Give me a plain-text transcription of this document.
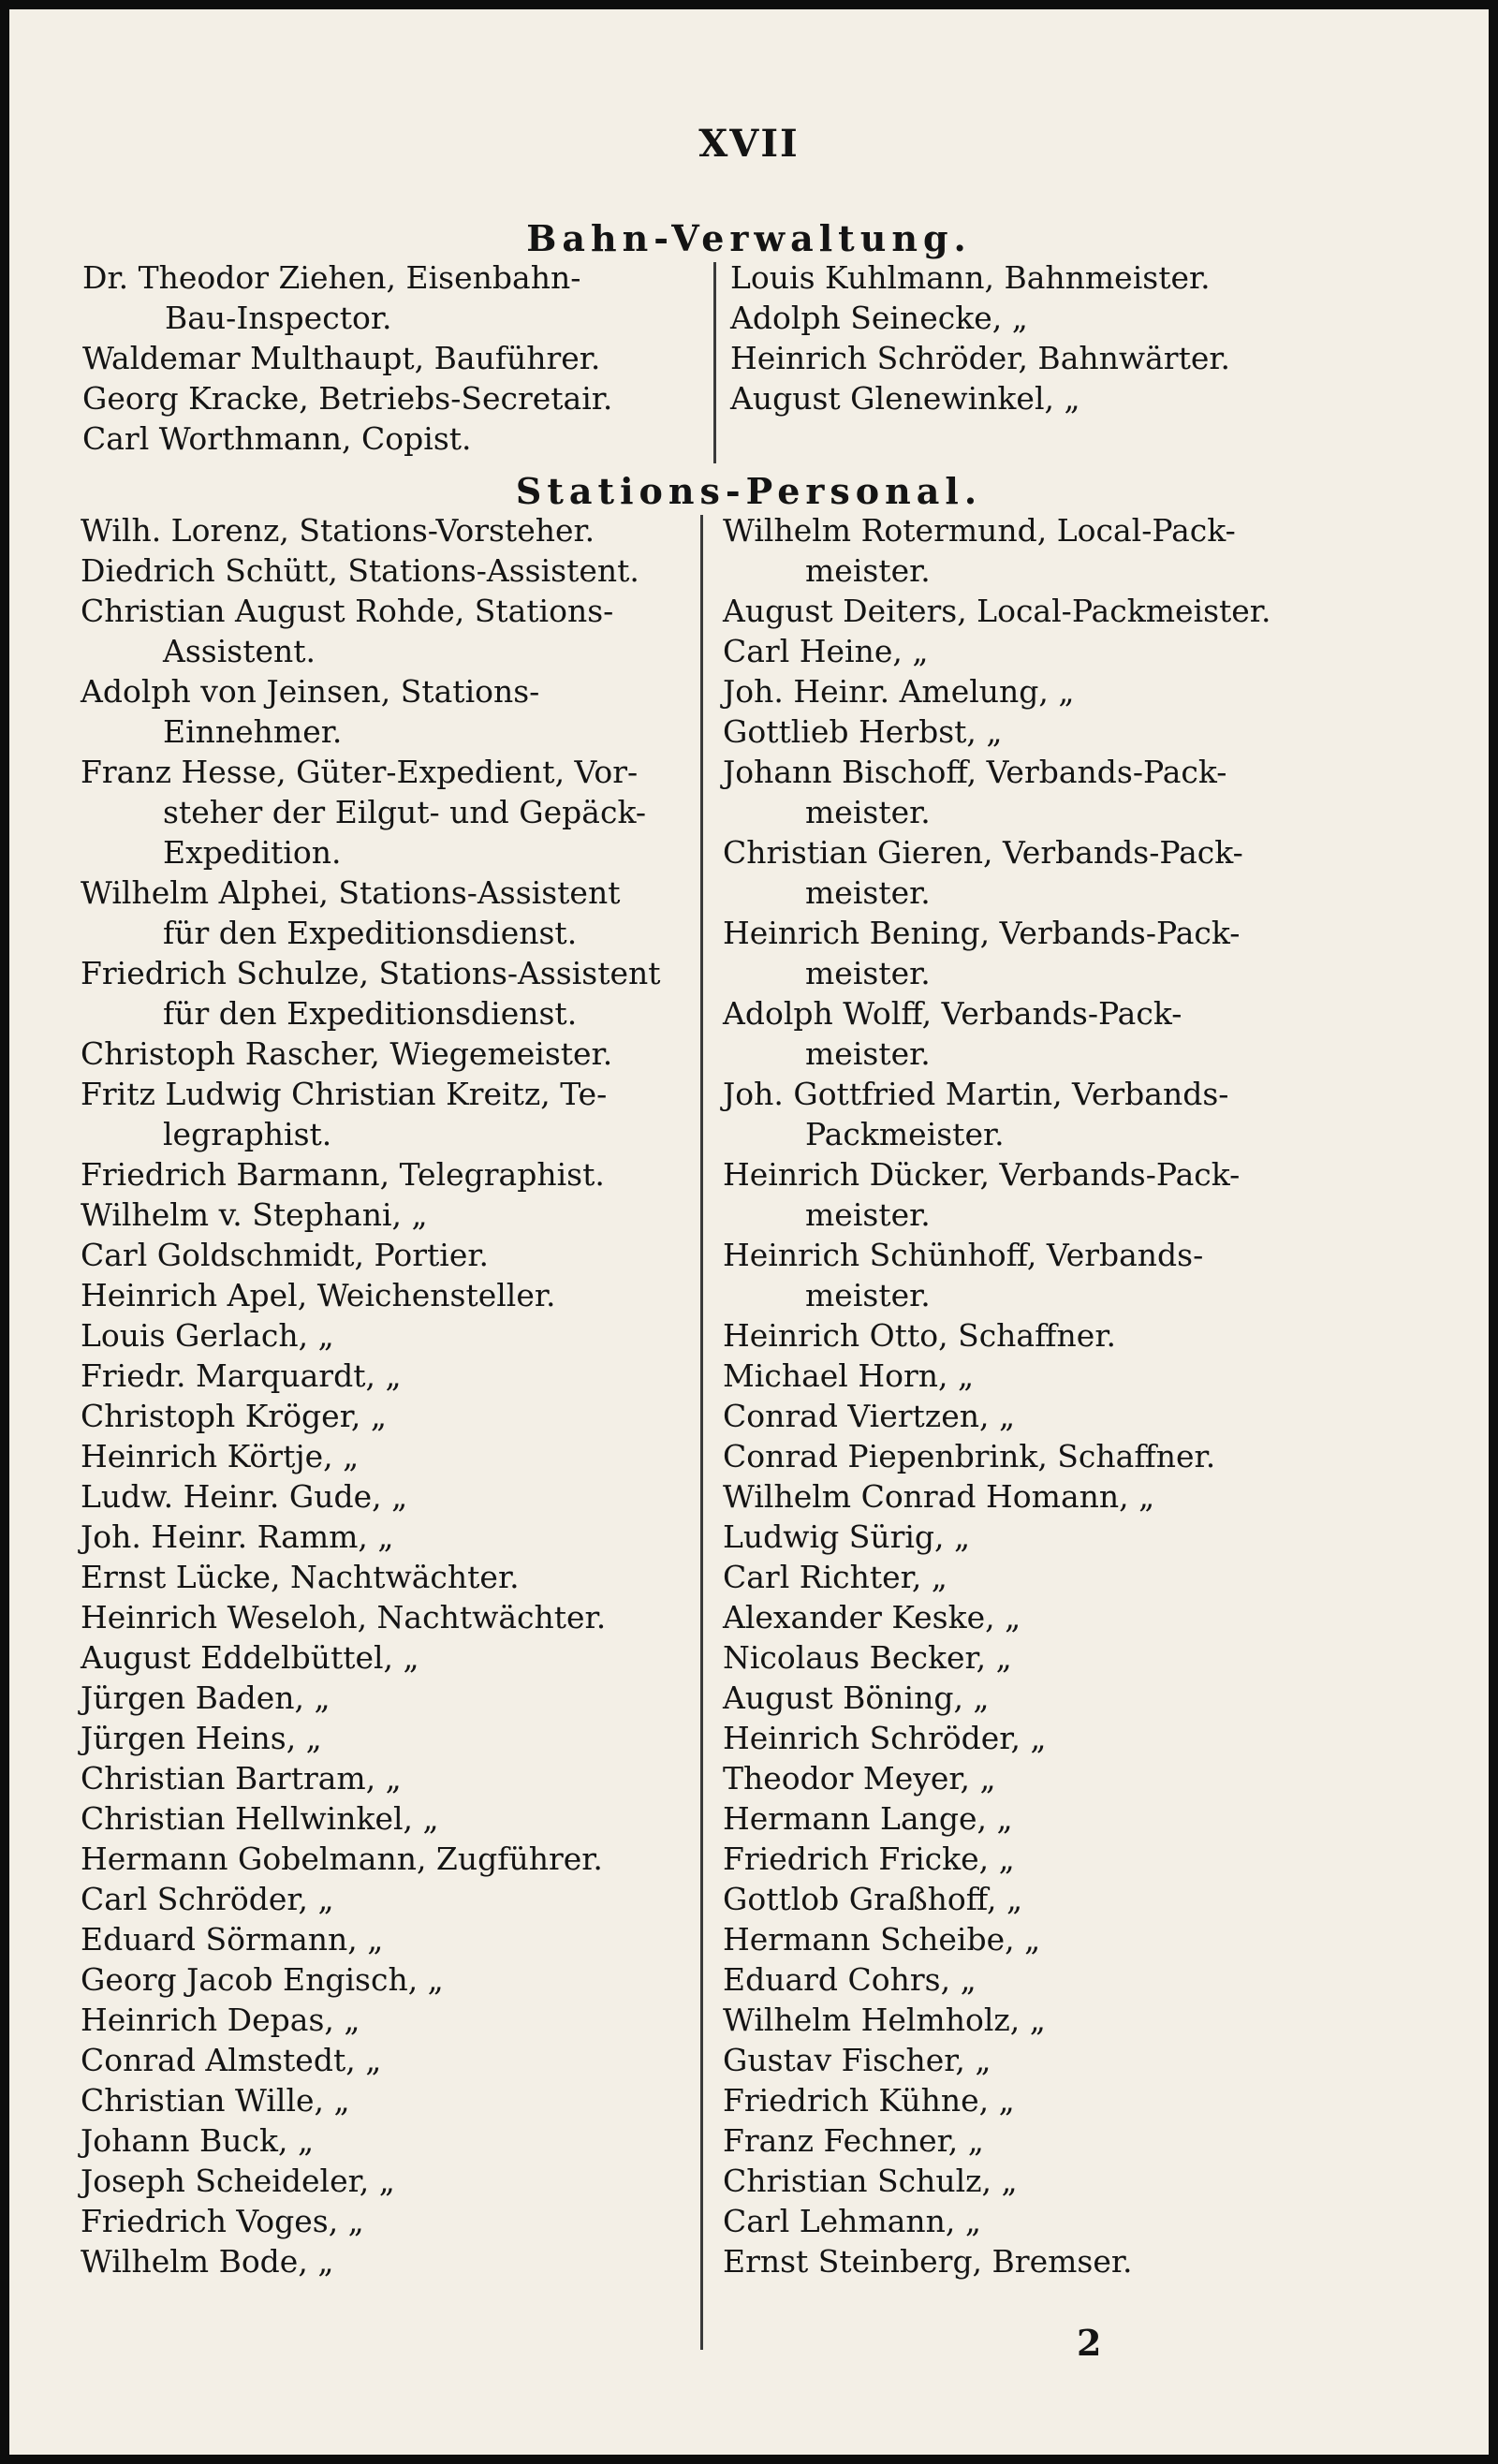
XVII
Bahn-Verwaltung.
Dr. Theodor Ziehen, Eisenbahn-
Bau-Inspector.
Waldemar Multhaupt, Bauführer.
Georg Kracke, Betriebs-Secretair.
Carl Worthmann, Copist.
Louis Kuhlmann, Bahnmeister.
Adolph Seinecke, „
Heinrich Schröder, Bahnwärter.
August Glenewinkel, „
Stations-Personal.
Wilh. Lorenz, Stations-Vorsteher.
Diedrich Schütt, Stations-Assistent.
Christian August Rohde, Stations-
Assistent.
Adolph von Jeinsen, Stations-
Einnehmer.
Franz Hesse, Güter-Expedient, Vor-
steher der Eilgut- und Gepäck-
Expedition.
Wilhelm Alphei, Stations-Assistent
für den Expeditionsdienst.
Friedrich Schulze, Stations-Assistent
für den Expeditionsdienst.
Christoph Rascher, Wiegemeister.
Fritz Ludwig Christian Kreitz, Te-
legraphist.
Friedrich Barmann, Telegraphist.
Wilhelm v. Stephani, „
Carl Goldschmidt, Portier.
Heinrich Apel, Weichensteller.
Louis Gerlach, „
Friedr. Marquardt, „
Christoph Kröger, „
Heinrich Körtje, „
Ludw. Heinr. Gude, „
Joh. Heinr. Ramm, „
Ernst Lücke, Nachtwächter.
Heinrich Weseloh, Nachtwächter.
August Eddelbüttel, „
Jürgen Baden, „
Jürgen Heins, „
Christian Bartram, „
Christian Hellwinkel, „
Hermann Gobelmann, Zugführer.
Carl Schröder, „
Eduard Sörmann, „
Georg Jacob Engisch, „
Heinrich Depas, „
Conrad Almstedt, „
Christian Wille, „
Johann Buck, „
Joseph Scheideler, „
Friedrich Voges, „
Wilhelm Bode, „
Wilhelm Rotermund, Local-Pack-
meister.
August Deiters, Local-Packmeister.
Carl Heine, „
Joh. Heinr. Amelung, „
Gottlieb Herbst, „
Johann Bischoff, Verbands-Pack-
meister.
Christian Gieren, Verbands-Pack-
meister.
Heinrich Bening, Verbands-Pack-
meister.
Adolph Wolff, Verbands-Pack-
meister.
Joh. Gottfried Martin, Verbands-
Packmeister.
Heinrich Dücker, Verbands-Pack-
meister.
Heinrich Schünhoff, Verbands-
meister.
Heinrich Otto, Schaffner.
Michael Horn, „
Conrad Viertzen, „
Conrad Piepenbrink, Schaffner.
Wilhelm Conrad Homann, „
Ludwig Sürig, „
Carl Richter, „
Alexander Keske, „
Nicolaus Becker, „
August Böning, „
Heinrich Schröder, „
Theodor Meyer, „
Hermann Lange, „
Friedrich Fricke, „
Gottlob Graßhoff, „
Hermann Scheibe, „
Eduard Cohrs, „
Wilhelm Helmholz, „
Gustav Fischer, „
Friedrich Kühne, „
Franz Fechner, „
Christian Schulz, „
Carl Lehmann, „
Ernst Steinberg, Bremser.
2
